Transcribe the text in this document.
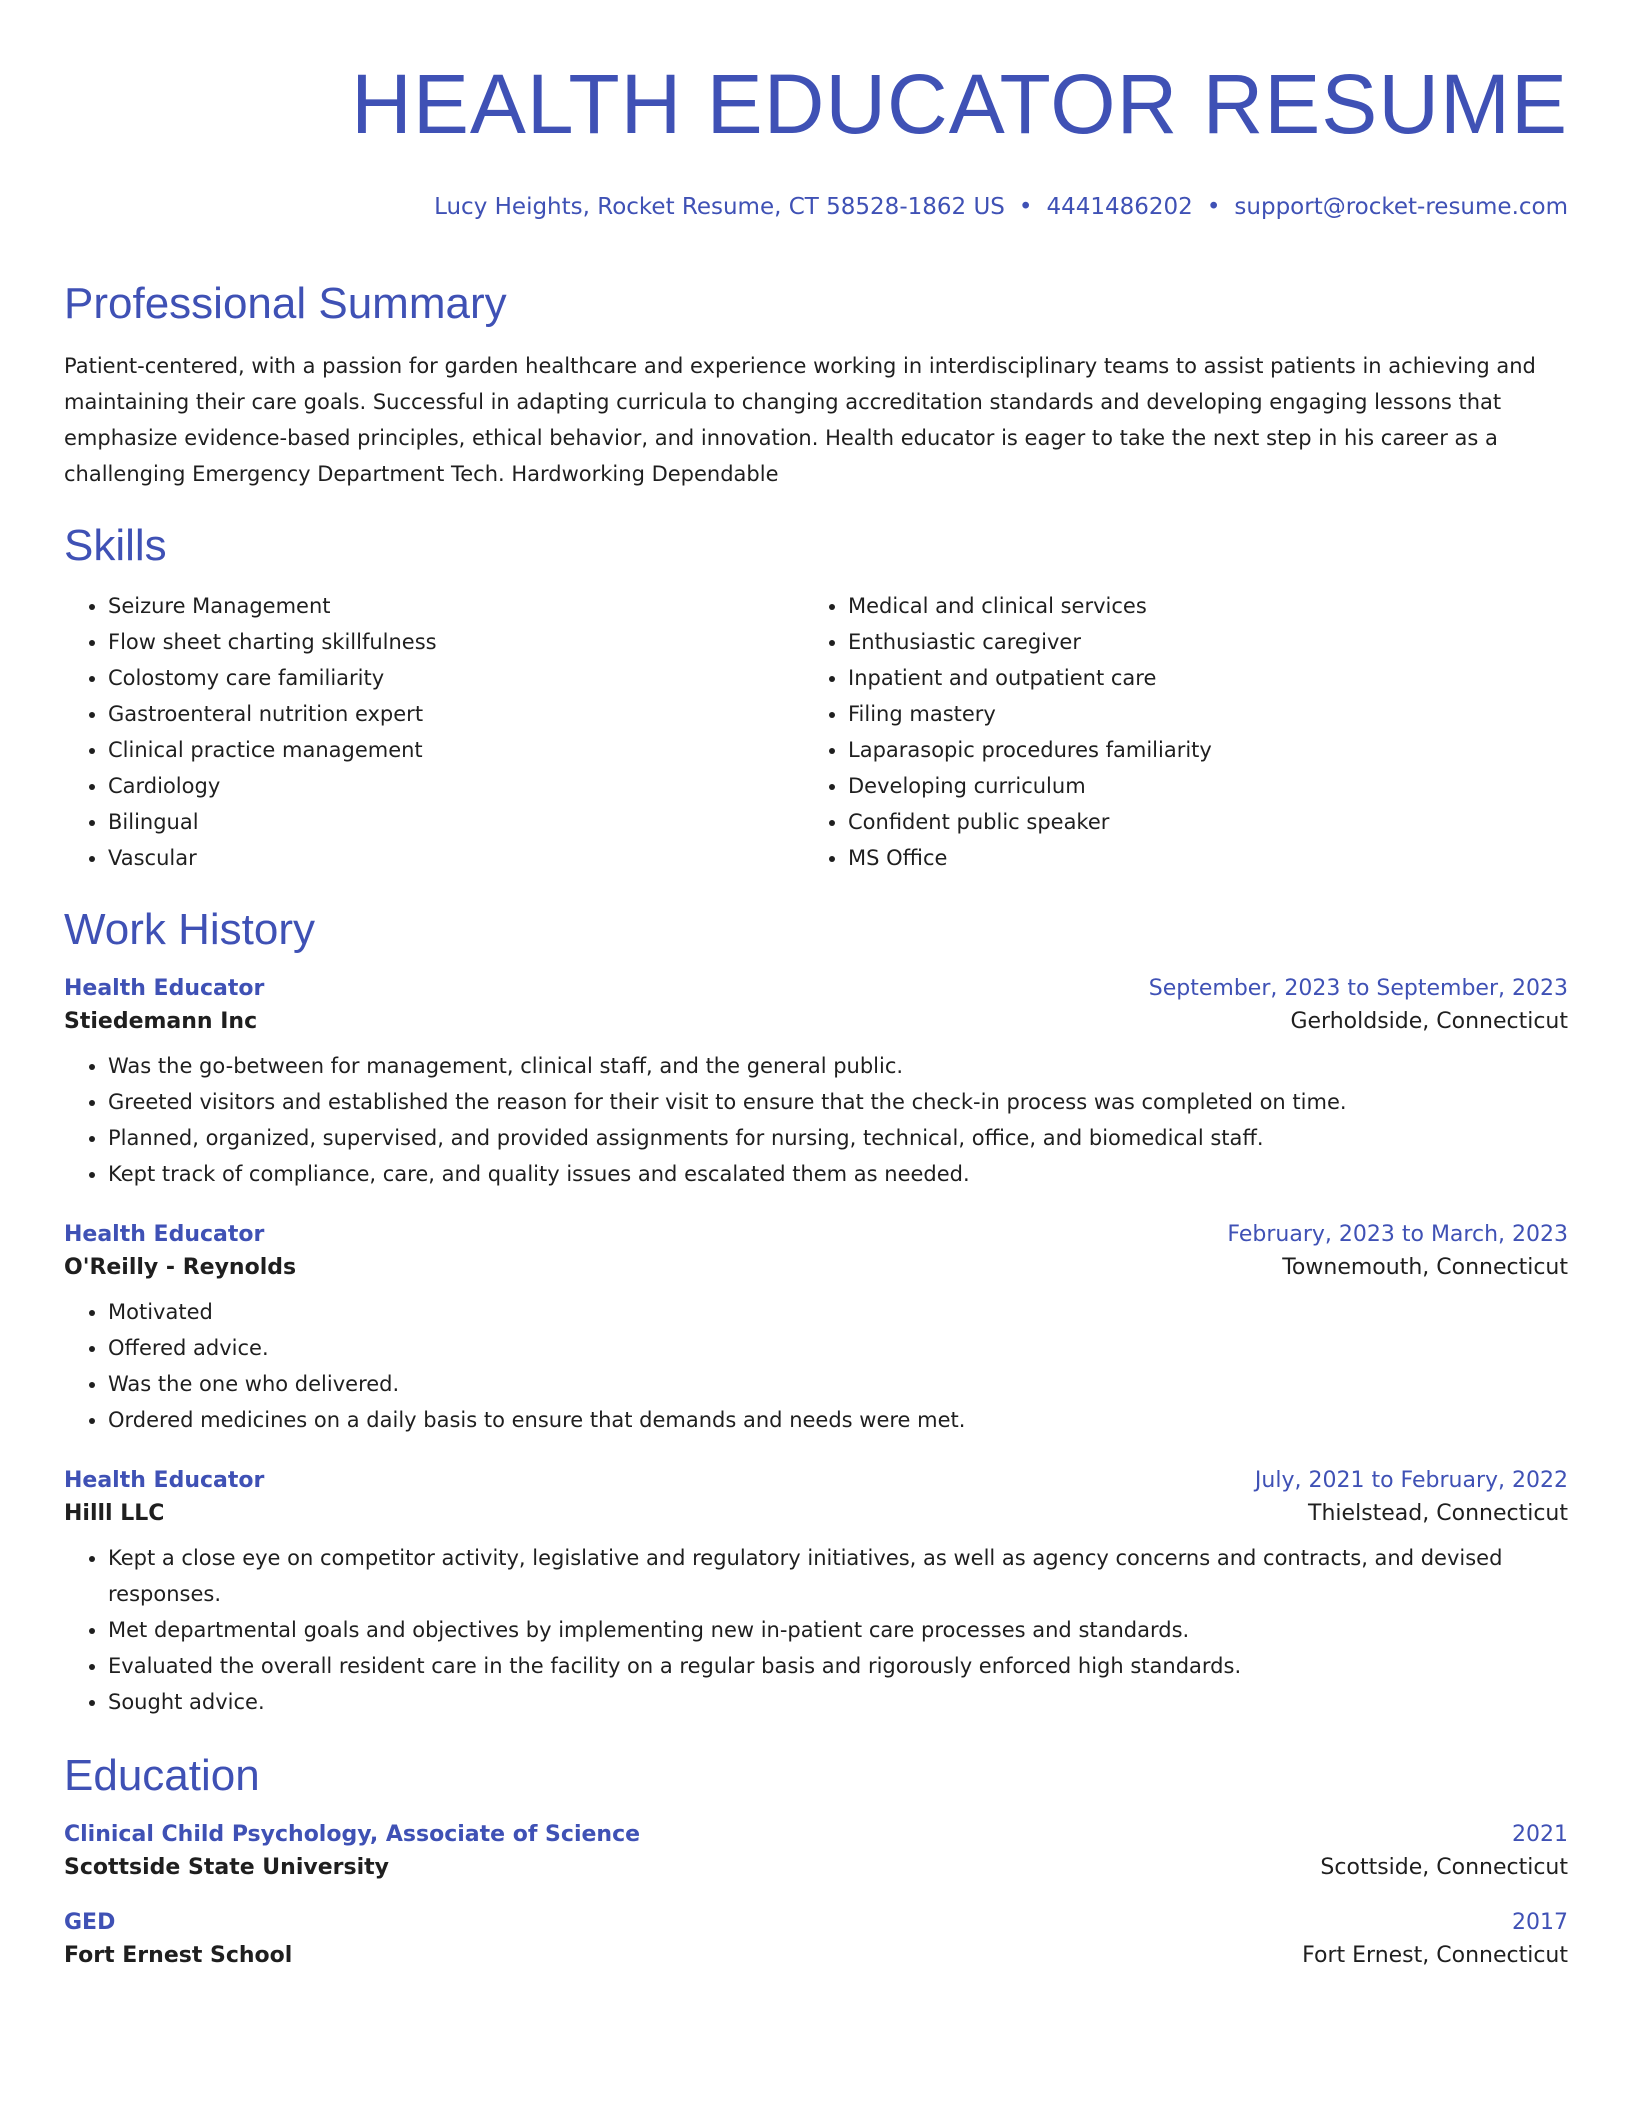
HEALTH EDUCATOR RESUME
Lucy Heights, Rocket Resume, CT 58528-1862 US • 4441486202 • support@rocket-resume.com
Professional Summary

Patient-centered, with a passion for garden healthcare and experience working in interdisciplinary teams to assist patients in achieving and maintaining their care goals. Successful in adapting curricula to changing accreditation standards and developing engaging lessons that emphasize evidence-based principles, ethical behavior, and innovation. Health educator is eager to take the next step in his career as a challenging Emergency Department Tech. Hardworking Dependable

Skills
• Seizure Management
• Flow sheet charting skillfulness
• Colostomy care familiarity
• Gastroenteral nutrition expert
• Clinical practice management
• Cardiology
• Bilingual
• Vascular
• Medical and clinical services
• Enthusiastic caregiver
• Inpatient and outpatient care
• Filing mastery
• Laparasopic procedures familiarity
• Developing curriculum
• Confident public speaker
• MS Office
Work History
Health Educator	September, 2023 to September, 2023
Stiedemann Inc	Gerholdside, Connecticut
• Was the go-between for management, clinical staff, and the general public.
• Greeted visitors and established the reason for their visit to ensure that the check-in process was completed on time.
• Planned, organized, supervised, and provided assignments for nursing, technical, office, and biomedical staff.
• Kept track of compliance, care, and quality issues and escalated them as needed.
Health Educator	February, 2023 to March, 2023
O'Reilly - Reynolds	Townemouth, Connecticut
• Motivated
• Offered advice.
• Was the one who delivered.
• Ordered medicines on a daily basis to ensure that demands and needs were met.
Health Educator	July, 2021 to February, 2022
Hilll LLC	Thielstead, Connecticut
• Kept a close eye on competitor activity, legislative and regulatory initiatives, as well as agency concerns and contracts, and devised responses.
• Met departmental goals and objectives by implementing new in-patient care processes and standards.
• Evaluated the overall resident care in the facility on a regular basis and rigorously enforced high standards.
• Sought advice.
Education
Clinical Child Psychology, Associate of Science	2021
Scottside State University	Scottside, Connecticut
GED	2017
Fort Ernest School	Fort Ernest, Connecticut
